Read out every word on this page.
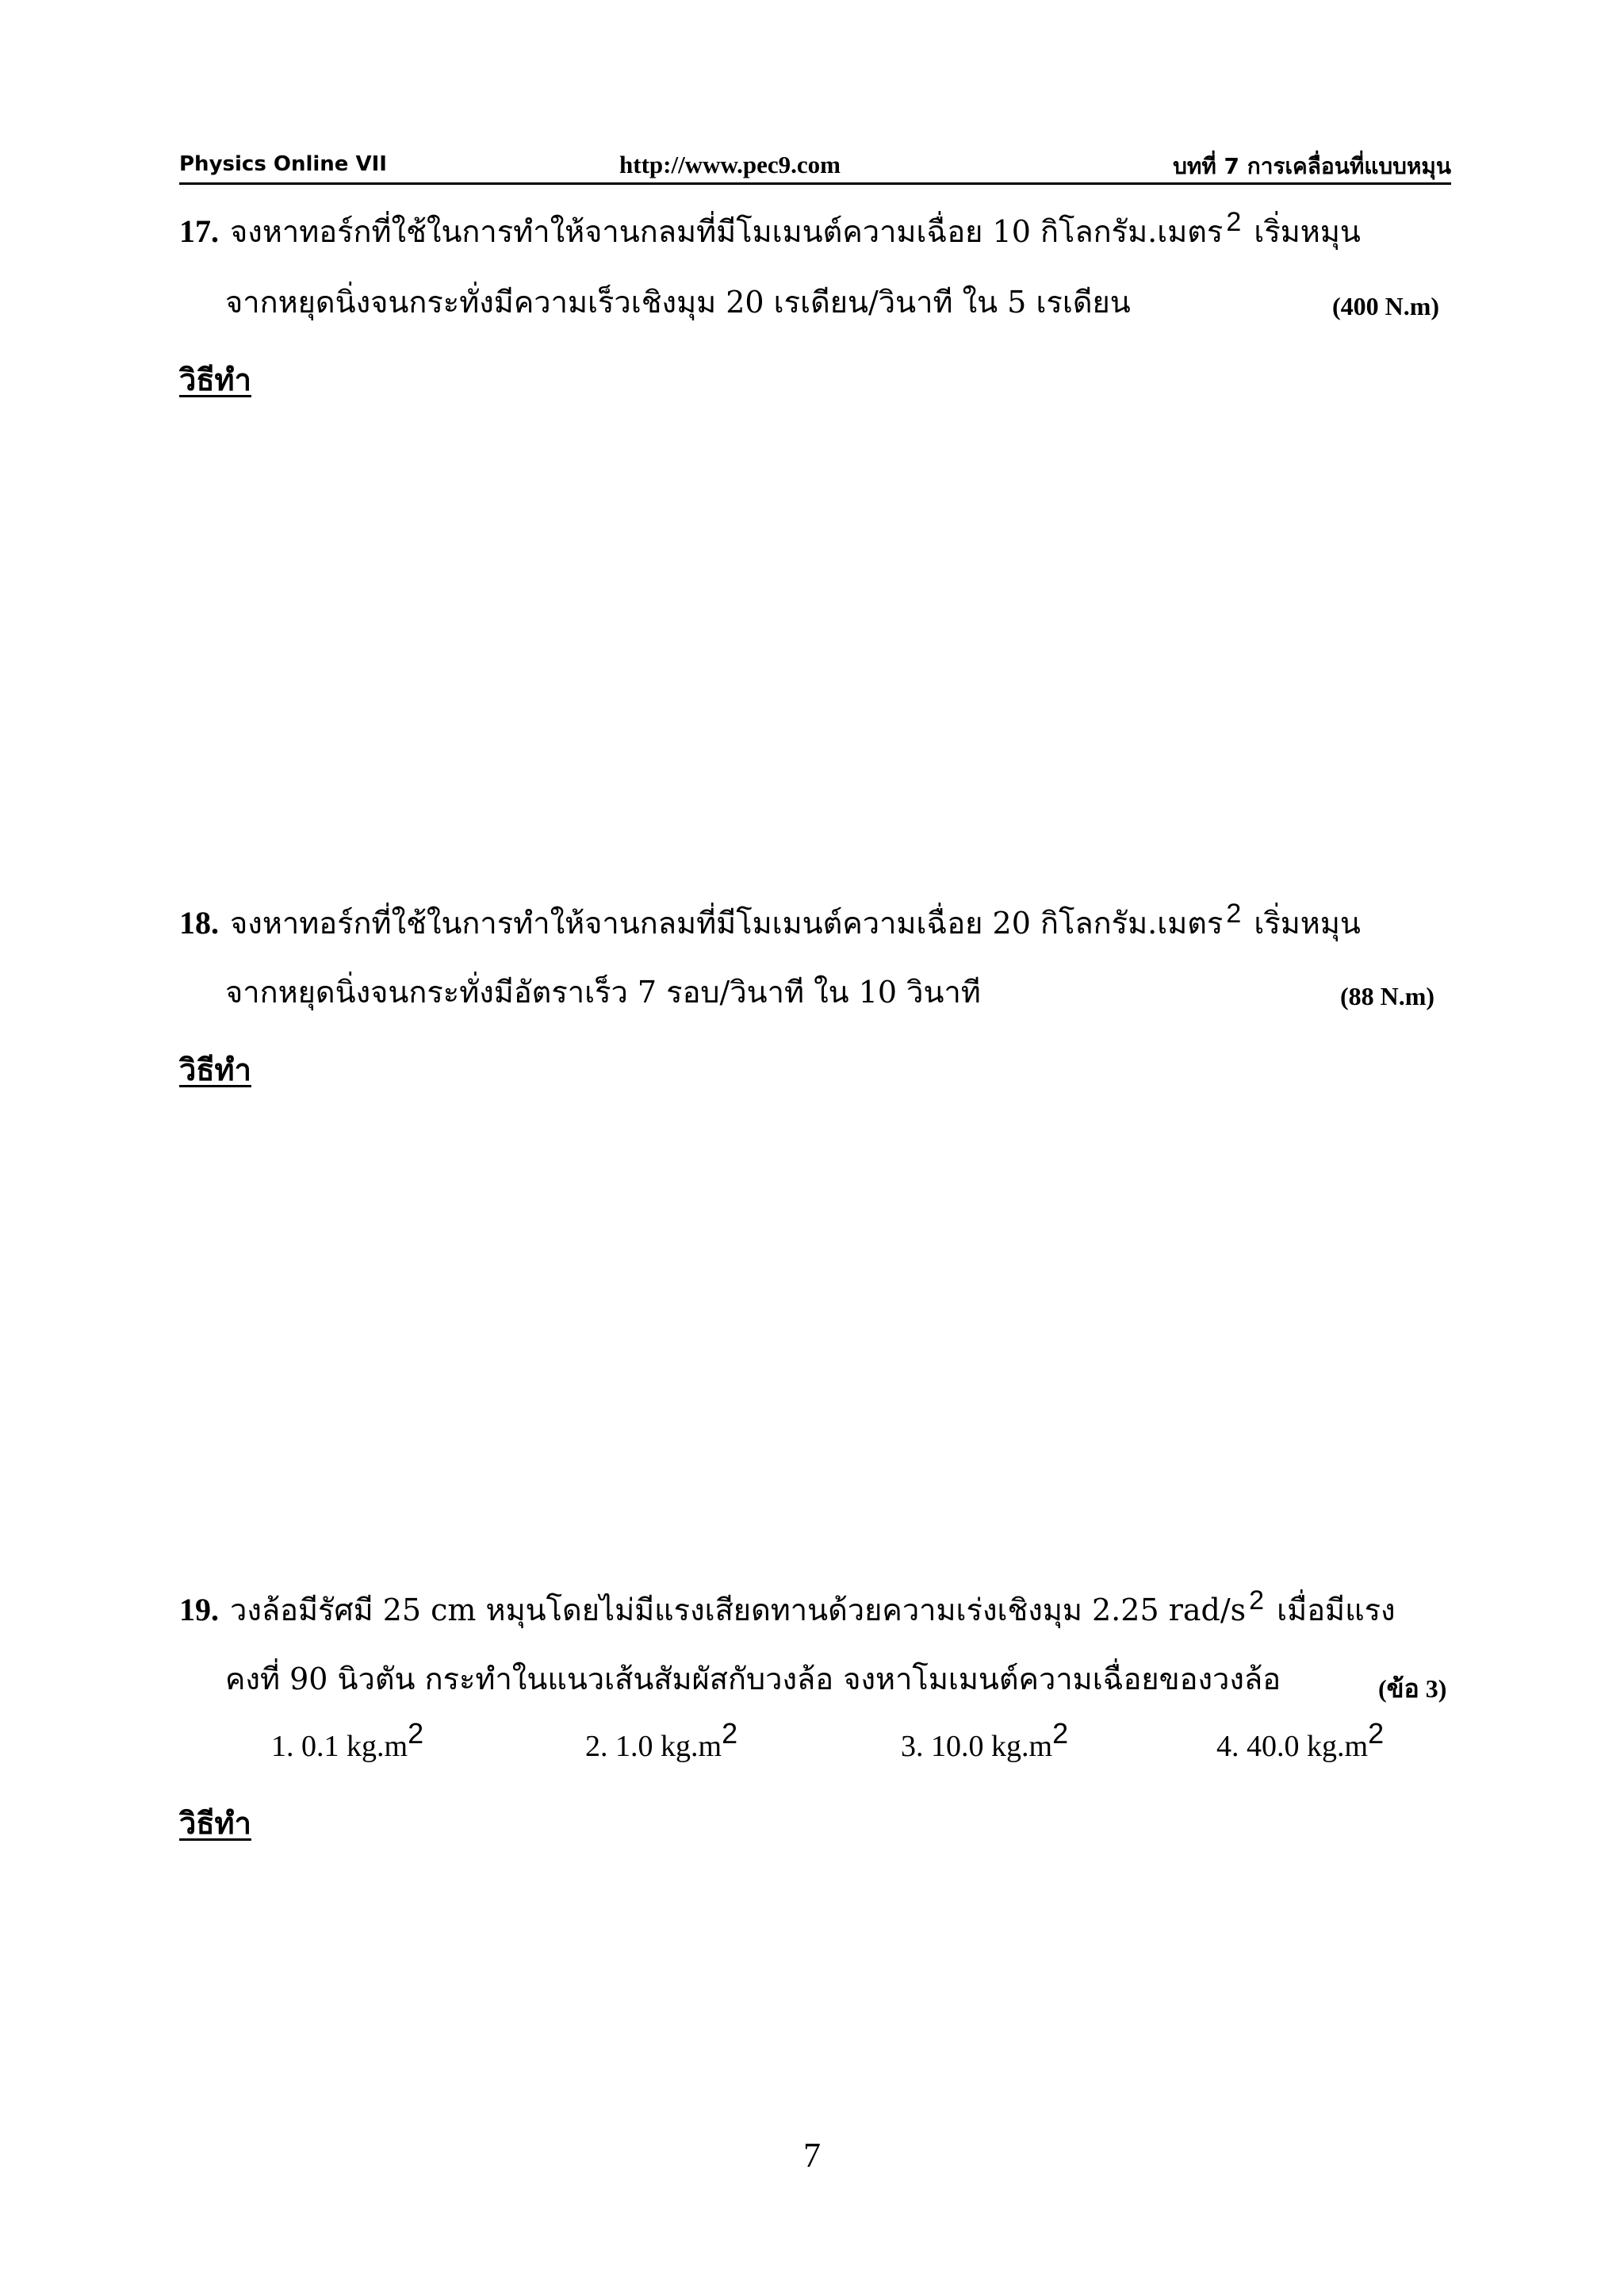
Physics Online VII	http://www.pec9.com	บทที่ 7 การเคลื่อนที่แบบหมุน
17. จงหาทอร์กที่ใช้ในการทำให้จานกลมที่มีโมเมนต์ความเฉื่อย 10 กิโลกรัม.เมตร 2 เริ่มหมุน
จากหยุดนิ่งจนกระทั่งมีความเร็วเชิงมุม 20 เรเดียน/วินาที ใน 5 เรเดียน	(400 N.m)
วิธีทำ
18. จงหาทอร์กที่ใช้ในการทำให้จานกลมที่มีโมเมนต์ความเฉื่อย 20 กิโลกรัม.เมตร 2 เริ่มหมุน
จากหยุดนิ่งจนกระทั่งมีอัตราเร็ว 7 รอบ/วินาที ใน 10 วินาที	(88 N.m)
วิธีทำ
19. วงล้อมีรัศมี 25 cm หมุนโดยไม่มีแรงเสียดทานด้วยความเร่งเชิงมุม 2.25 rad/s 2 เมื่อมีแรง
คงที่ 90 นิวตัน กระทำในแนวเส้นสัมผัสกับวงล้อ จงหาโมเมนต์ความเฉื่อยของวงล้อ	(ข้อ 3)
1. 0.1 kg.m2	2. 1.0 kg.m2	3. 10.0 kg.m2	4. 40.0 kg.m2
วิธีทำ
7
